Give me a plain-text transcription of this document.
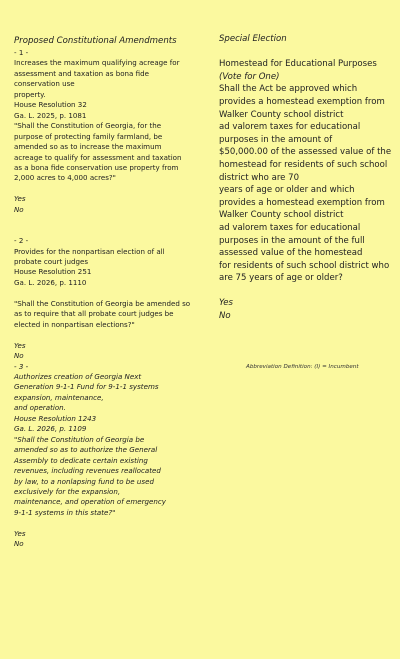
Proposed Constitutional Amendments
- 1 -
Increases the maximum qualifying acreage for
assessment and taxation as bona fide
conservation use
property.
House Resolution 32
Ga. L. 2025, p. 1081
"Shall the Constitution of Georgia, for the
purpose of protecting family farmland, be
amended so as to increase the maximum
acreage to qualify for assessment and taxation
as a bona fide conservation use property from
2,000 acres to 4,000 acres?"
Yes
No
- 2 -
Provides for the nonpartisan election of all
probate court judges
House Resolution 251
Ga. L. 2026, p. 1110
"Shall the Constitution of Georgia be amended so
as to require that all probate court judges be
elected in nonpartisan elections?"
Yes
No
- 3 -
Authorizes creation of Georgia Next
Generation 9-1-1 Fund for 9-1-1 systems
expansion, maintenance,
and operation.
House Resolution 1243
Ga. L. 2026, p. 1109
"Shall the Constitution of Georgia be
amended so as to authorize the General
Assembly to dedicate certain existing
revenues, including revenues reallocated
by law, to a nonlapsing fund to be used
exclusively for the expansion,
maintenance, and operation of emergency
9-1-1 systems in this state?"
Yes
No
Special Election
Homestead for Educational Purposes
(Vote for One)
Shall the Act be approved which
provides a homestead exemption from
Walker County school district
ad valorem taxes for educational
purposes in the amount of
$50,000.00 of the assessed value of the
homestead for residents of such school
district who are 70
years of age or older and which
provides a homestead exemption from
Walker County school district
ad valorem taxes for educational
purposes in the amount of the full
assessed value of the homestead
for residents of such school district who
are 75 years of age or older?
Yes
No
Abbreviation Definition: (I) = Incumbent
